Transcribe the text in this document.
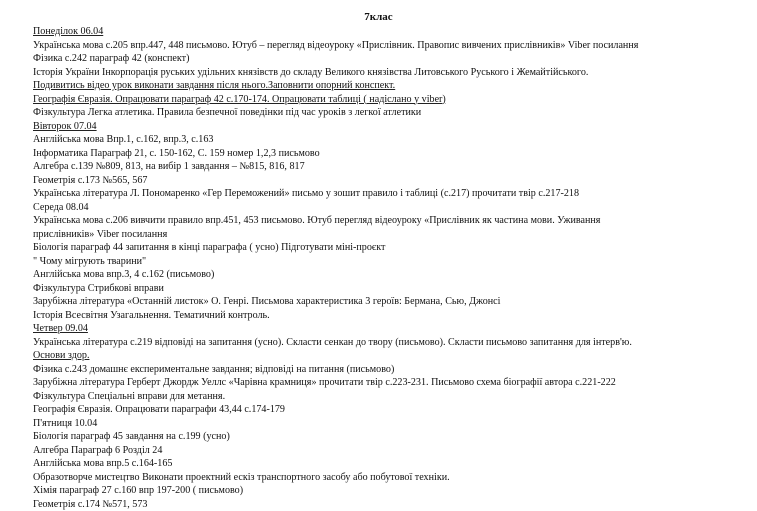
7клас
Понеділок 06.04
Українська мова с.205 впр.447, 448 письмово. Ютуб – перегляд відеоуроку «Прислівник. Правопис вивчених прислівників» Viber посилання
Фізика с.242 параграф 42 (конспект)
Історія України Інкорпорація руських удільних князівств до складу Великого князівства Литовського Руського і Жемайтійського.
Подивитись відео урок виконати завдання після нього.Заповнити опорний конспект.
Географія Євразія. Опрацювати параграф 42 с.170-174. Опрацювати таблиці ( надіслано у viber)
Фізкультура Легка атлетика. Правила безпечної поведінки під час уроків з легкої атлетики
Вівторок 07.04
Англійська мова Впр.1, с.162, впр.3, с.163
Інформатика Параграф 21, с. 150-162, С. 159 номер 1,2,3 письмово
Алгебра с.139 №809, 813, на вибір 1 завдання – №815, 816, 817
Геометрія с.173 №565, 567
Українська література Л. Пономаренко «Гер Переможений» письмо у зошит правило і таблиці (с.217) прочитати твір с.217-218
Середа 08.04
Українська мова с.206 вивчити правило впр.451, 453 письмово. Ютуб перегляд відеоуроку «Прислівник як частина мови. Уживання
прислівників» Viber посилання
Біологія параграф 44 запитання в кінці параграфа ( усно) Підготувати міні-проєкт
" Чому мігрують тварини"
Англійська мова впр.3, 4 с.162 (письмово)
Фізкультура Стрибкові вправи
Зарубіжна література «Останній листок» О. Генрі. Письмова характеристика 3 героїв: Бермана, Сью, Джонсі
Історія Всесвітня Узагальнення. Тематичний контроль.
Четвер 09.04
Українська література с.219 відповіді на запитання (усно). Скласти сенкан до твору (письмово). Скласти письмово запитання для інтерв'ю.
Основи здор.
Фізика с.243 домашнє експериментальне завдання; відповіді на питання (письмово)
Зарубіжна література Герберт Джордж Уеллс «Чарівна крамниця» прочитати твір с.223-231. Письмово схема біографії автора с.221-222
Фізкультура Спеціальні вправи для метання.
Географія Євразія. Опрацювати параграфи 43,44 с.174-179
П'ятниця 10.04
Біологія параграф 45 завдання на с.199 (усно)
Алгебра Параграф 6 Розділ 24
Англійська мова впр.5 с.164-165
Образотворче мистецтво Виконати проектний ескіз транспортного засобу або побутової техніки.
Хімія параграф 27 с.160 впр 197-200 ( письмово)
Геометрія с.174 №571, 573
